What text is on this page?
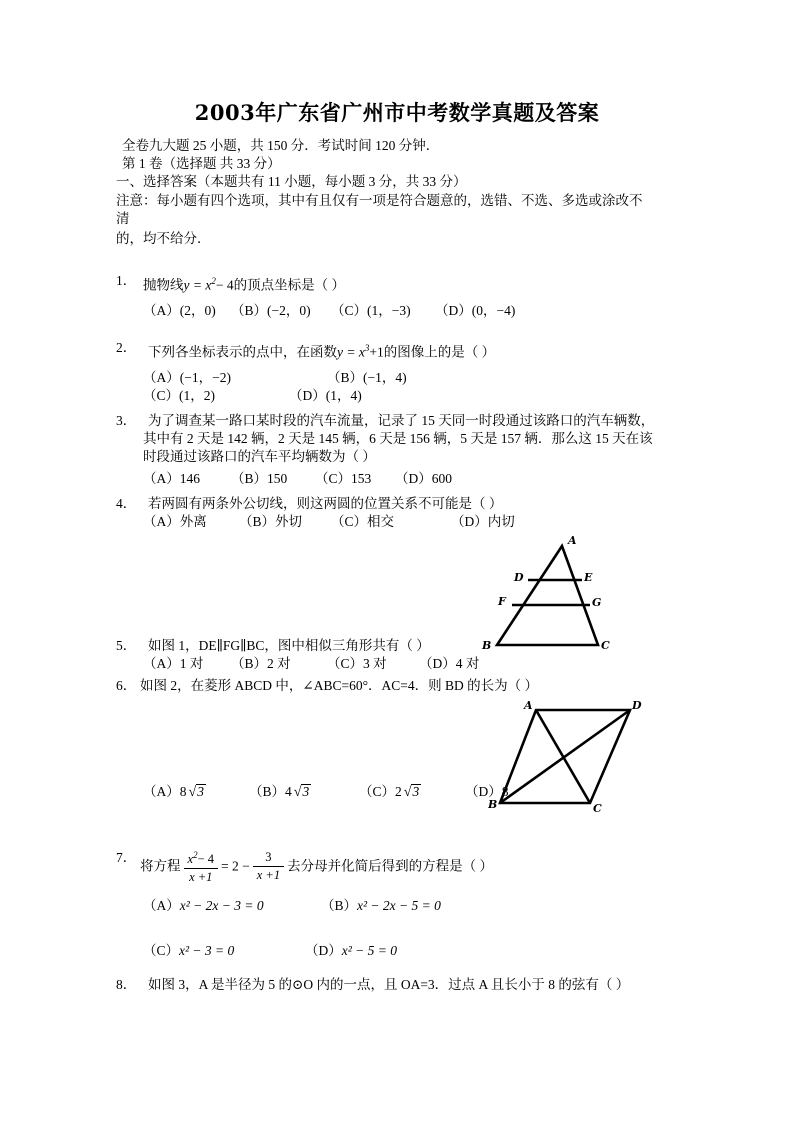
2003年广东省广州市中考数学真题及答案
全卷九大题 25 小题，共 150 分．考试时间 120 分钟．
第 1 卷（选择题 共 33 分）
一、选择答案（本题共有 11 小题，每小题 3 分，共 33 分）
注意：每小题有四个选项，其中有且仅有一项是符合题意的，选错、不选、多选或涂改不
清
的，均不给分．
1． 抛物线$y = x^2- 4$的顶点坐标是（ ）
（A）(2，0) （B）(−2，0) （C）(1，−3) （D）(0，−4)
2． 下列各坐标表示的点中，在函数$y = x^3+1$的图像上的是（ ）
（A）(−1，−2)	（B）(−1，4)
（C）(1，2)	（D）(1，4)
3． 为了调查某一路口某时段的汽车流量，记录了 15 天同一时段通过该路口的汽车辆数，
其中有 2 天是 142 辆，2 天是 145 辆，6 天是 156 辆，5 天是 157 辆．那么这 15 天在该
时段通过该路口的汽车平均辆数为（ ）
（A）146 （B）150 （C）153 （D）600
4． 若两圆有两条外公切线，则这两圆的位置关系不可能是（ ）
（A）外离 （B）外切 （C）相交	（D）内切
A
D	E
F	G
B	C
5． 如图 1，DE∥FG∥BC，图中相似三角形共有（ ）
（A）1 对 （B）2 对	（C）3 对 （D）4 对
6． 如图 2，在菱形 ABCD 中，∠ABC=60°．AC=4．则 BD 的长为（ ）
A	D
B	C
（A）8 √3	（B）4 √3	（C）2 √3	（D）8
7．
将方程 $\frac{x^2- 4}{x +1} = 2 - \frac{3}{x +1}$ 去分母并化简后得到的方程是（ ）
（A）x² − 2x − 3 = 0	（B）x² − 2x − 5 = 0
（C）x² − 3 = 0	（D）x² − 5 = 0
8． 如图 3，A 是半径为 5 的⊙O 内的一点，且 OA=3．过点 A 且长小于 8 的弦有（ ）
